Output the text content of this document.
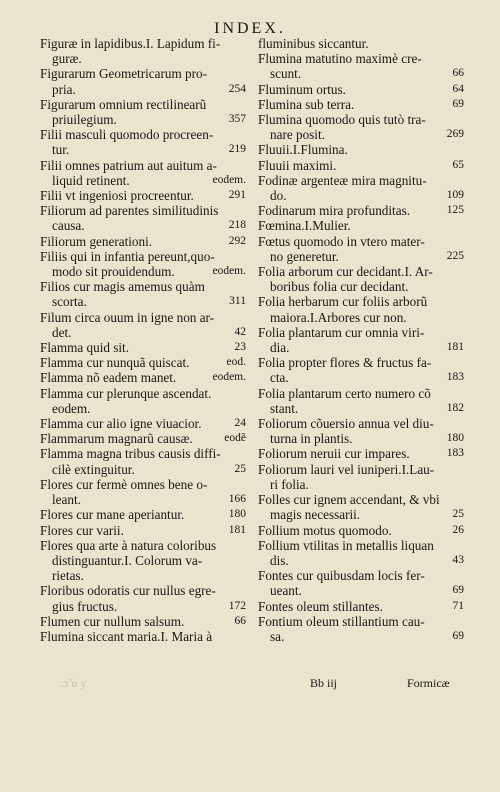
INDEX.
Figuræ in lapidibus.I. Lapidum fi-
guræ.
Figurarum Geometricarum pro-
pria.	254
Figurarum omnium rectilinearũ
priuilegium.	357
Filii masculi quomodo procreen-
tur.	219
Filii omnes patrium aut auitum a-
liquid retinent.	eodem.
Filii vt ingeniosi procreentur.	291
Filiorum ad parentes similitudinis
causa.	218
Filiorum generationi.	292
Filiis qui in infantia pereunt,quo-
modo sit prouidendum.	eodem.
Filios cur magis amemus quàm
scorta.	311
Filum circa ouum in igne non ar-
det.	42
Flamma quid sit.	23
Flamma cur nunquã quiscat.	eod.
Flamma nõ eadem manet.	eodem.
Flamma cur plerunque ascendat.
eodem.
Flamma cur alio igne viuacior.	24
Flammarum magnarũ causæ.	eodẽ
Flamma magna tribus causis diffi-
cilè extinguitur.	25
Flores cur fermè omnes bene o-
leant.	166
Flores cur mane aperiantur.	180
Flores cur varii.	181
Flores qua arte à natura coloribus
distinguantur.I. Colorum va-
rietas.
Floribus odoratis cur nullus egre-
gius fructus.	172
Flumen cur nullum salsum.	66
Flumina siccant maria.I. Maria à
fluminibus siccantur.
Flumina matutino maximè cre-
scunt.	66
Fluminum ortus.	64
Flumina sub terra.	69
Flumina quomodo quis tutò tra-
nare posit.	269
Fluuii.I.Flumina.
Fluuii maximi.	65
Fodinæ argenteæ mira magnitu-
do.	109
Fodinarum mira profunditas.	125
Fœmina.I.Mulier.
Fœtus quomodo in vtero mater-
no generetur.	225
Folia arborum cur decidant.I. Ar-
boribus folia cur decidant.
Folia herbarum cur foliis arborũ
maiora.I.Arbores cur non.
Folia plantarum cur omnia viri-
dia.	181
Folia propter flores & fructus fa-
cta.	183
Folia plantarum certo numero cõ
stant.	182
Foliorum cõuersio annua vel diu-
turna in plantis.	180
Foliorum neruii cur impares.	183
Foliorum lauri vel iuniperi.I.Lau-
ri folia.
Folles cur ignem accendant, & vbi
magis necessarii.	25
Follium motus quomodo.	26
Follium vtilitas in metallis liquan
dis.	43
Fontes cur quibusdam locis fer-
ueant.	69
Fontes oleum stillantes.	71
Fontium oleum stillantium cau-
sa.	69
.ɔ̃ u y	Bb iij	Formicæ
